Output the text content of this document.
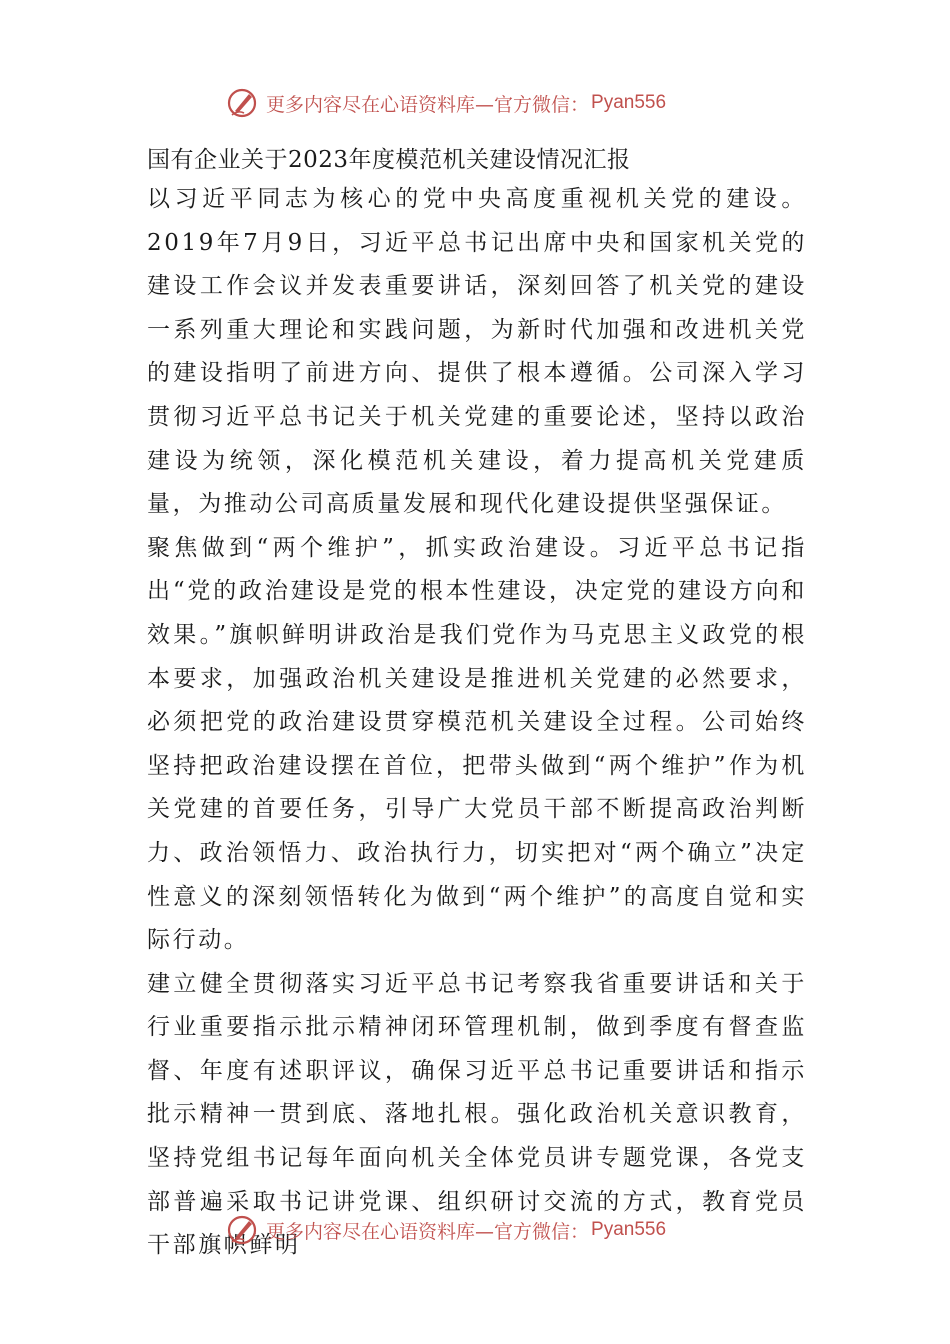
更多内容尽在心语资料库—官方微信： Pyan556
国有企业关于2023年度模范机关建设情况汇报

以习近平同志为核心的党中央高度重视机关党的建设。2019年7月9日，习近平总书记出席中央和国家机关党的建设工作会议并发表重要讲话，深刻回答了机关党的建设一系列重大理论和实践问题，为新时代加强和改进机关党的建设指明了前进方向、提供了根本遵循。公司深入学习贯彻习近平总书记关于机关党建的重要论述，坚持以政治建设为统领，深化模范机关建设，着力提高机关党建质量，为推动公司高质量发展和现代化建设提供坚强保证。

聚焦做到“两个维护”，抓实政治建设。习近平总书记指出“党的政治建设是党的根本性建设，决定党的建设方向和效果。”旗帜鲜明讲政治是我们党作为马克思主义政党的根本要求，加强政治机关建设是推进机关党建的必然要求，必须把党的政治建设贯穿模范机关建设全过程。公司始终坚持把政治建设摆在首位，把带头做到“两个维护”作为机关党建的首要任务，引导广大党员干部不断提高政治判断力、政治领悟力、政治执行力，切实把对“两个确立”决定性意义的深刻领悟转化为做到“两个维护”的高度自觉和实际行动。

建立健全贯彻落实习近平总书记考察我省重要讲话和关于行业重要指示批示精神闭环管理机制，做到季度有督查监督、年度有述职评议，确保习近平总书记重要讲话和指示批示精神一贯到底、落地扎根。强化政治机关意识教育，坚持党组书记每年面向机关全体党员讲专题党课，各党支部普遍采取书记讲党课、组织研讨交流的方式，教育党员干部旗帜鲜明

更多内容尽在心语资料库—官方微信： Pyan556
